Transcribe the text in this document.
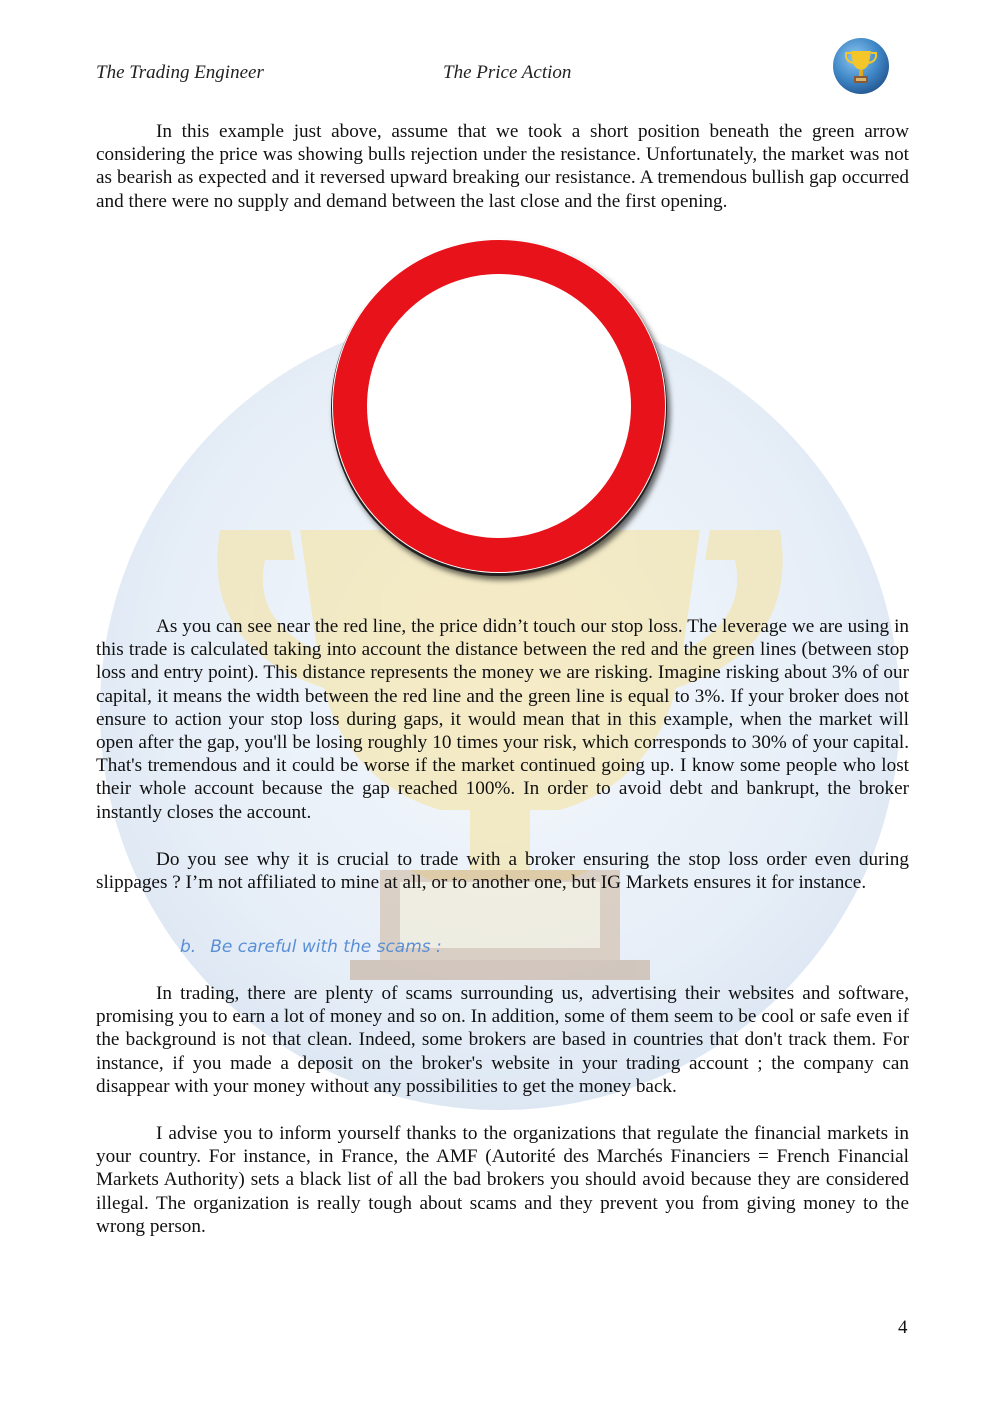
The Trading Engineer	The Price Action

In this example just above, assume that we took a short position beneath the green arrow considering the price was showing bulls rejection under the resistance. Unfortunately, the market was not as bearish as expected and it reversed upward breaking our resistance. A tremendous bullish gap occurred and there were no supply and demand between the last close and the first opening.

As you can see near the red line, the price didn’t touch our stop loss. The leverage we are using in this trade is calculated taking into account the distance between the red and the green lines (between stop loss and entry point). This distance represents the money we are risking. Imagine risking about 3% of our capital, it means the width between the red line and the green line is equal to 3%. If your broker does not ensure to action your stop loss during gaps, it would mean that in this example, when the market will open after the gap, you'll be losing roughly 10 times your risk, which corresponds to 30% of your capital. That's tremendous and it could be worse if the market continued going up. I know some people who lost their whole account because the gap reached 100%. In order to avoid debt and bankrupt, the broker instantly closes the account.

Do you see why it is crucial to trade with a broker ensuring the stop loss order even during slippages ? I’m not affiliated to mine at all, or to another one, but IG Markets ensures it for instance.

b. Be careful with the scams :

In trading, there are plenty of scams surrounding us, advertising their websites and software, promising you to earn a lot of money and so on. In addition, some of them seem to be cool or safe even if the background is not that clean. Indeed, some brokers are based in countries that don't track them. For instance, if you made a deposit on the broker's website in your trading account ; the company can disappear with your money without any possibilities to get the money back.

I advise you to inform yourself thanks to the organizations that regulate the financial markets in your country. For instance, in France, the AMF (Autorité des Marchés Financiers = French Financial Markets Authority) sets a black list of all the bad brokers you should avoid because they are considered illegal. The organization is really tough about scams and they prevent you from giving money to the wrong person.

4
